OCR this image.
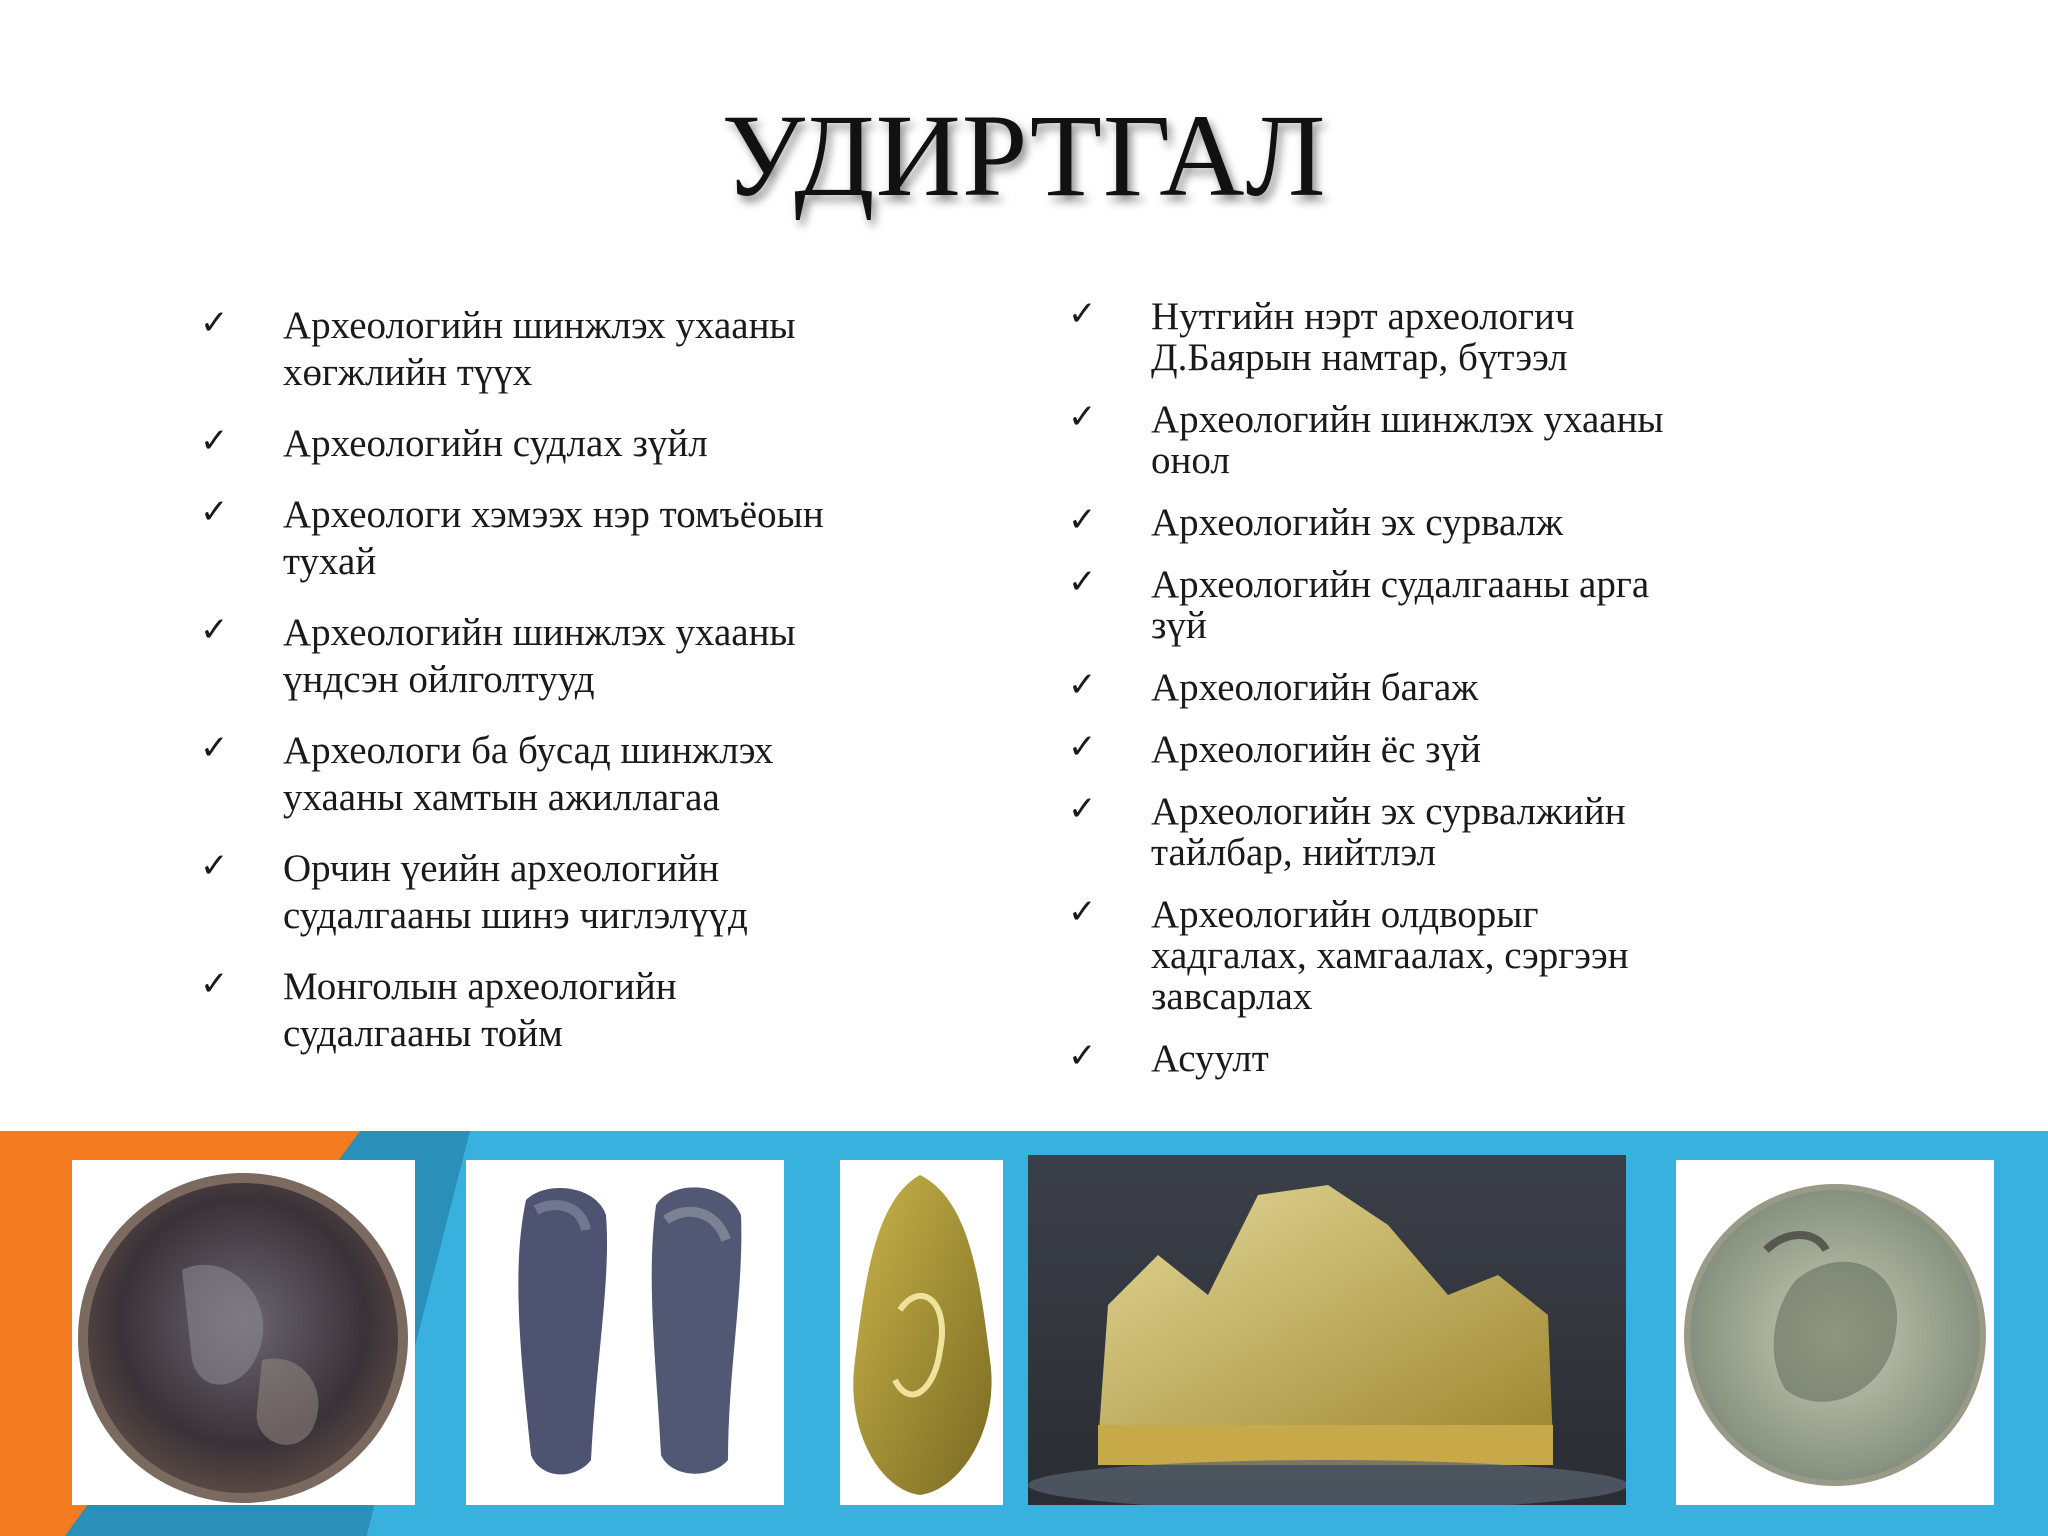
УДИРТГАЛ
✓ Археологийн шинжлэх ухааны
хөгжлийн түүх
✓ Археологийн судлах зүйл
✓ Археологи хэмээх нэр томъёоын
тухай
✓ Археологийн шинжлэх ухааны
үндсэн ойлголтууд
✓ Археологи ба бусад шинжлэх
ухааны хамтын ажиллагаа
✓ Орчин үеийн археологийн
судалгааны шинэ чиглэлүүд
✓ Монголын археологийн
судалгааны тойм
✓ Нутгийн нэрт археологич
Д.Баярын намтар, бүтээл
✓ Археологийн шинжлэх ухааны
онол
✓ Археологийн эх сурвалж
✓ Археологийн судалгааны арга
зүй
✓ Археологийн багаж
✓ Археологийн ёс зүй
✓ Археологийн эх сурвалжийн
тайлбар, нийтлэл
✓ Археологийн олдворыг
хадгалах, хамгаалах, сэргээн
завсарлах
✓ Асуулт
